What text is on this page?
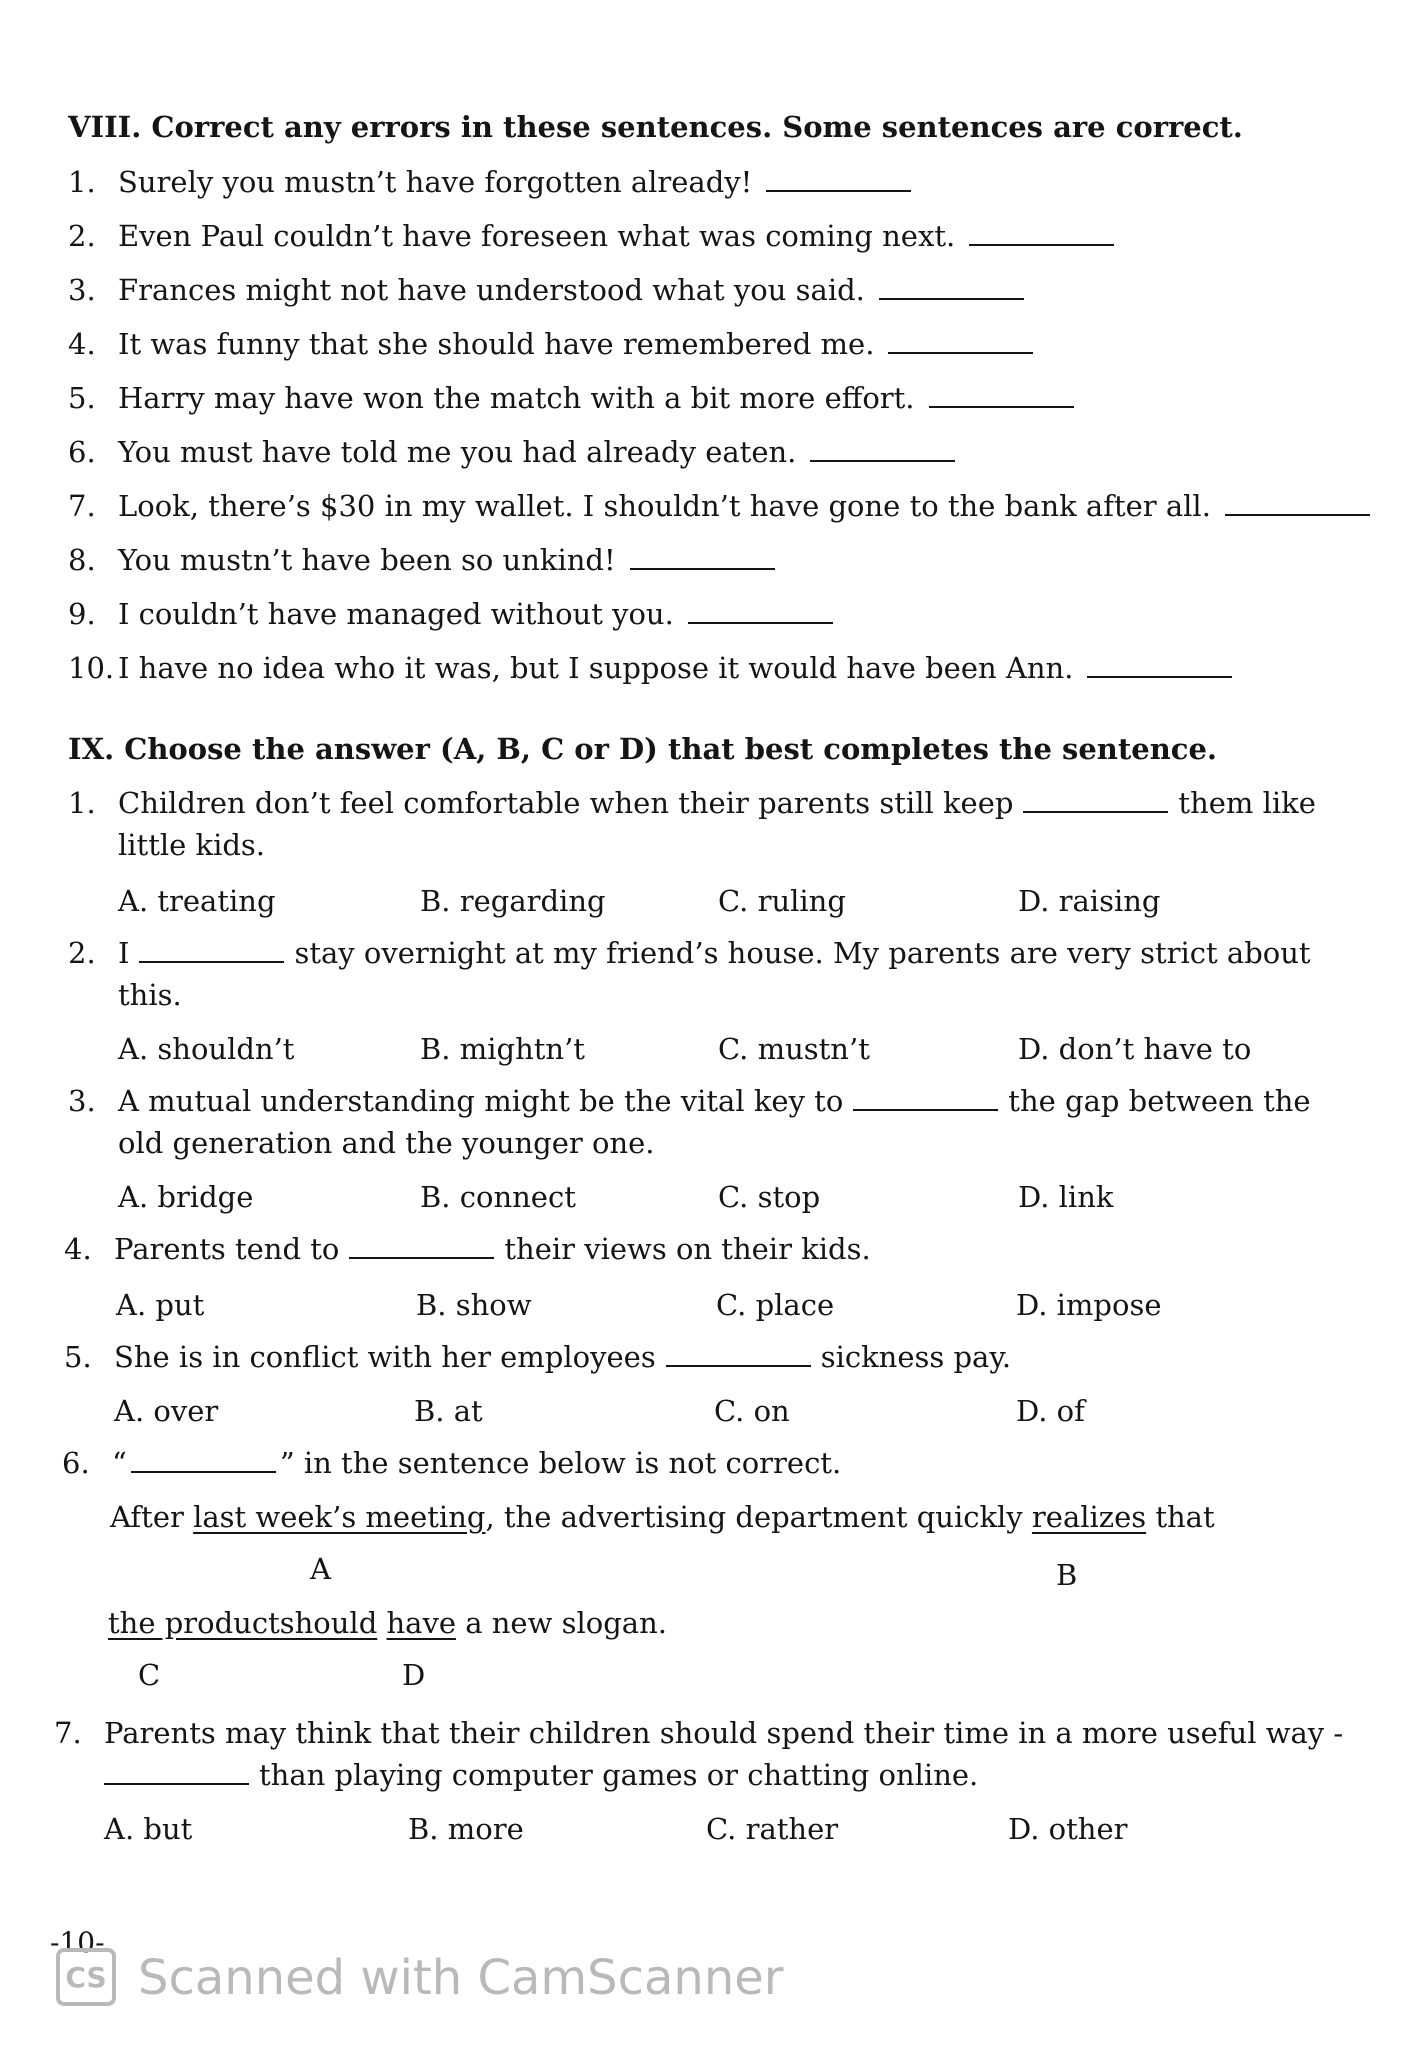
VIII. Correct any errors in these sentences. Some sentences are correct.
1. Surely you mustn’t have forgotten already!
2. Even Paul couldn’t have foreseen what was coming next.
3. Frances might not have understood what you said.
4. It was funny that she should have remembered me.
5. Harry may have won the match with a bit more effort.
6. You must have told me you had already eaten.
7. Look, there’s $30 in my wallet. I shouldn’t have gone to the bank after all.
8. You mustn’t have been so unkind!
9. I couldn’t have managed without you.
10. I have no idea who it was, but I suppose it would have been Ann.
IX. Choose the answer (A, B, C or D) that best completes the sentence.
1. Children don’t feel comfortable when their parents still keep	them like
little kids.
A. treating	B. regarding	C. ruling	D. raising
2. I	stay overnight at my friend’s house. My parents are very strict about
this.
A. shouldn’t	B. mightn’t	C. mustn’t	D. don’t have to
3. A mutual understanding might be the vital key to	the gap between the
old generation and the younger one.
A. bridge	B. connect	C. stop	D. link
4. Parents tend to	their views on their kids.
A. put	B. show	C. place	D. impose
5. She is in conflict with her employees	sickness pay.
A. over	B. at	C. on	D. of
6. “	” in the sentence below is not correct.
After last week’s meeting, the advertising department quickly realizes that
A	B
the productshould have a new slogan.
C	D
7. Parents may think that their children should spend their time in a more useful way -
than playing computer games or chatting online.
A. but	B. more	C. rather	D. other
-10-
CS Scanned with CamScanner
